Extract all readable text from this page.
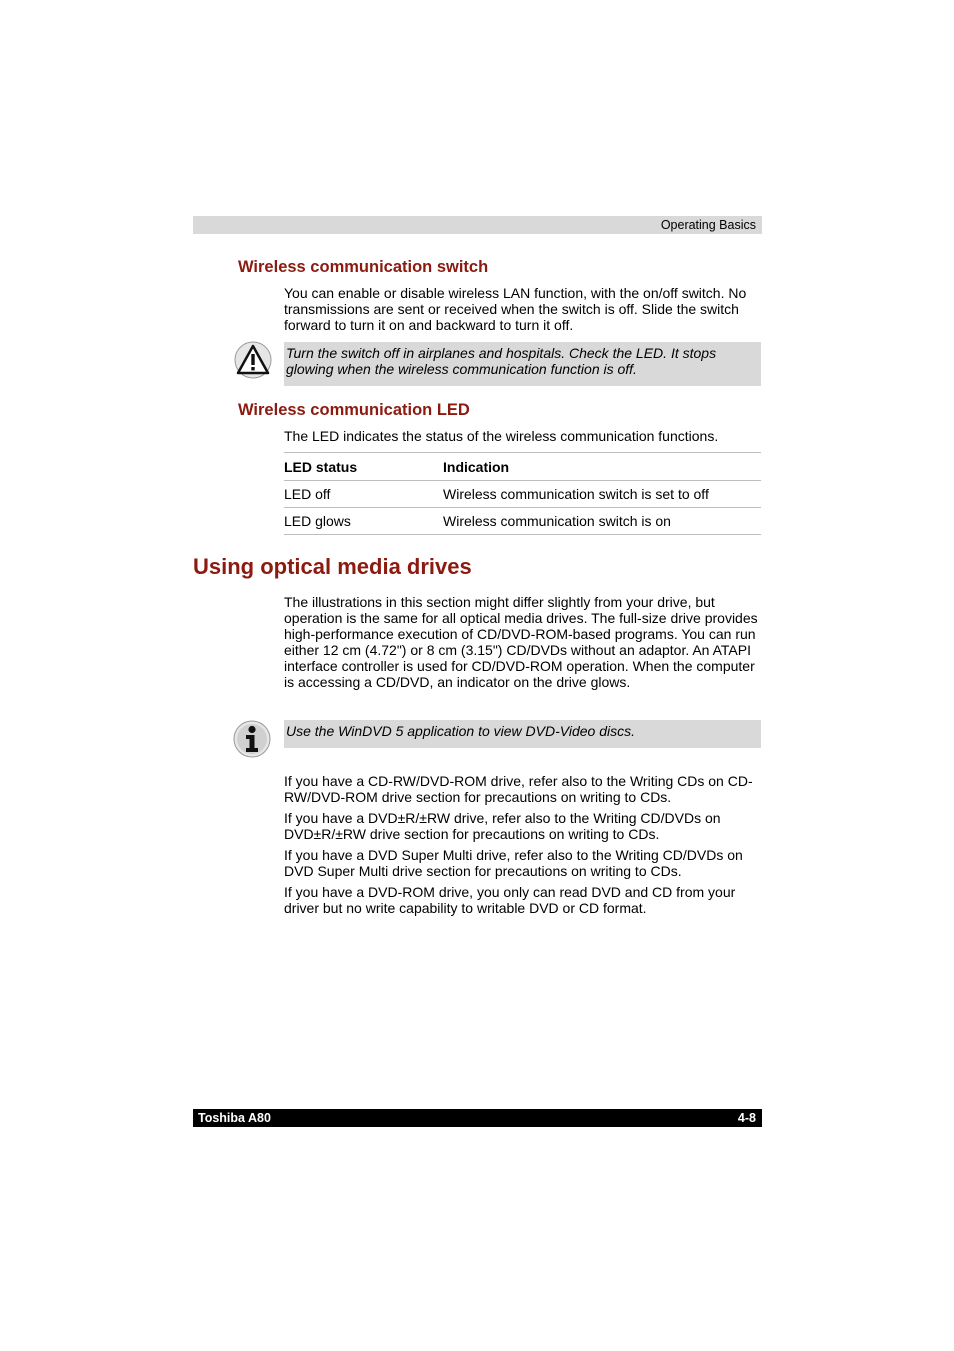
Operating Basics
Wireless communication switch
You can enable or disable wireless LAN function, with the on/off switch. No transmissions are sent or received when the switch is off. Slide the switch forward to turn it on and backward to turn it off.
Turn the switch off in airplanes and hospitals. Check the LED. It stops glowing when the wireless communication function is off.
Wireless communication LED
The LED indicates the status of the wireless communication functions.
LED status	Indication
LED off	Wireless communication switch is set to off
LED glows	Wireless communication switch is on
Using optical media drives
The illustrations in this section might differ slightly from your drive, but operation is the same for all optical media drives. The full-size drive provides high-performance execution of CD/DVD-ROM-based programs. You can run either 12 cm (4.72") or 8 cm (3.15") CD/DVDs without an adaptor. An ATAPI interface controller is used for CD/DVD-ROM operation. When the computer is accessing a CD/DVD, an indicator on the drive glows.
Use the WinDVD 5 application to view DVD-Video discs.
If you have a CD-RW/DVD-ROM drive, refer also to the Writing CDs on CD-RW/DVD-ROM drive section for precautions on writing to CDs.
If you have a DVD±R/±RW drive, refer also to the Writing CD/DVDs on DVD±R/±RW drive section for precautions on writing to CDs.
If you have a DVD Super Multi drive, refer also to the Writing CD/DVDs on DVD Super Multi drive section for precautions on writing to CDs.
If you have a DVD-ROM drive, you only can read DVD and CD from your driver but no write capability to writable DVD or CD format.
Toshiba A80	4-8
